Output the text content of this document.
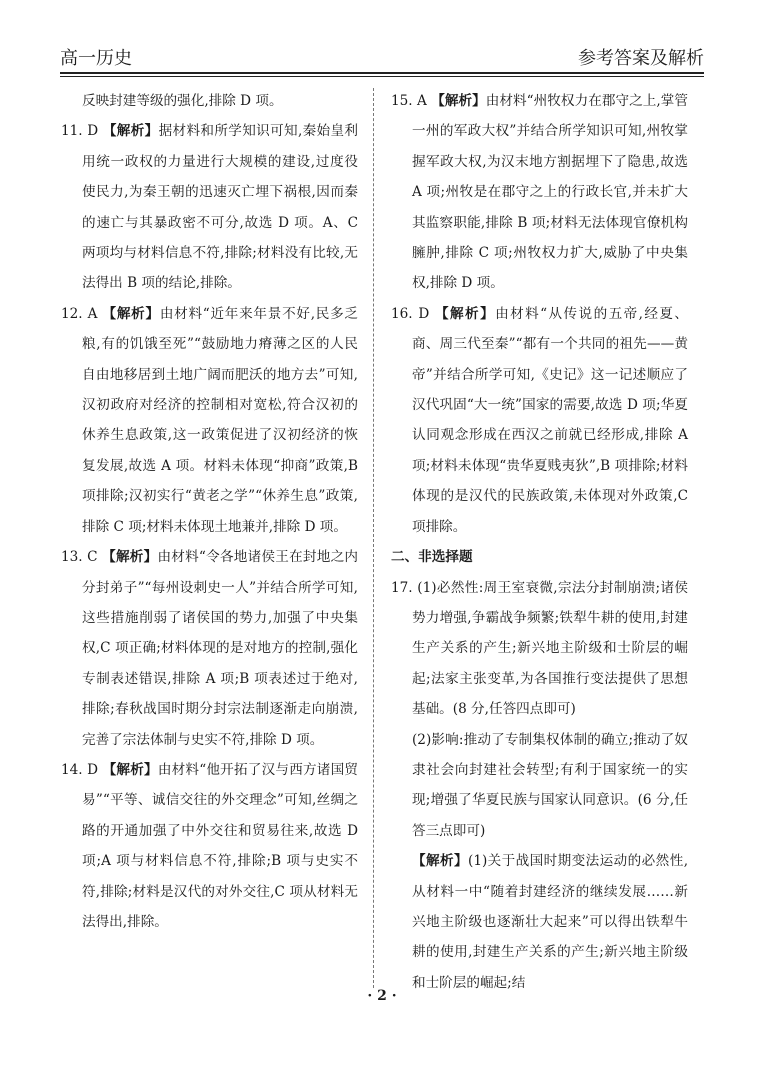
高一历史	参考答案及解析
反映封建等级的强化,排除 D 项。
11. D 【解析】据材料和所学知识可知,秦始皇利用统一政权的力量进行大规模的建设,过度役使民力,为秦王朝的迅速灭亡埋下祸根,因而秦的速亡与其暴政密不可分,故选 D 项。A、C 两项均与材料信息不符,排除;材料没有比较,无法得出 B 项的结论,排除。
12. A 【解析】由材料“近年来年景不好,民多乏粮,有的饥饿至死”“鼓励地力瘠薄之区的人民自由地移居到土地广阔而肥沃的地方去”可知,汉初政府对经济的控制相对宽松,符合汉初的休养生息政策,这一政策促进了汉初经济的恢复发展,故选 A 项。材料未体现“抑商”政策,B 项排除;汉初实行“黄老之学”“休养生息”政策,排除 C 项;材料未体现土地兼并,排除 D 项。
13. C 【解析】由材料“令各地诸侯王在封地之内分封弟子”“每州设刺史一人”并结合所学可知,这些措施削弱了诸侯国的势力,加强了中央集权,C 项正确;材料体现的是对地方的控制,强化专制表述错误,排除 A 项;B 项表述过于绝对,排除;春秋战国时期分封宗法制逐渐走向崩溃,完善了宗法体制与史实不符,排除 D 项。
14. D 【解析】由材料“他开拓了汉与西方诸国贸易”“平等、诚信交往的外交理念”可知,丝绸之路的开通加强了中外交往和贸易往来,故选 D 项;A 项与材料信息不符,排除;B 项与史实不符,排除;材料是汉代的对外交往,C 项从材料无法得出,排除。
15. A 【解析】由材料“州牧权力在郡守之上,掌管一州的军政大权”并结合所学知识可知,州牧掌握军政大权,为汉末地方割据埋下了隐患,故选 A 项;州牧是在郡守之上的行政长官,并未扩大其监察职能,排除 B 项;材料无法体现官僚机构臃肿,排除 C 项;州牧权力扩大,威胁了中央集权,排除 D 项。
16. D 【解析】由材料“从传说的五帝,经夏、商、周三代至秦”“都有一个共同的祖先——黄帝”并结合所学可知,《史记》这一记述顺应了汉代巩固“大一统”国家的需要,故选 D 项;华夏认同观念形成在西汉之前就已经形成,排除 A 项;材料未体现“贵华夏贱夷狄”,B 项排除;材料体现的是汉代的民族政策,未体现对外政策,C 项排除。
二、非选择题
17. (1)必然性:周王室衰微,宗法分封制崩溃;诸侯势力增强,争霸战争频繁;铁犁牛耕的使用,封建生产关系的产生;新兴地主阶级和士阶层的崛起;法家主张变革,为各国推行变法提供了思想基础。(8 分,任答四点即可)
(2)影响:推动了专制集权体制的确立;推动了奴隶社会向封建社会转型;有利于国家统一的实现;增强了华夏民族与国家认同意识。(6 分,任答三点即可)
【解析】(1)关于战国时期变法运动的必然性,从材料一中“随着封建经济的继续发展……新兴地主阶级也逐渐壮大起来”可以得出铁犁牛耕的使用,封建生产关系的产生;新兴地主阶级和士阶层的崛起;结
· 2 ·
